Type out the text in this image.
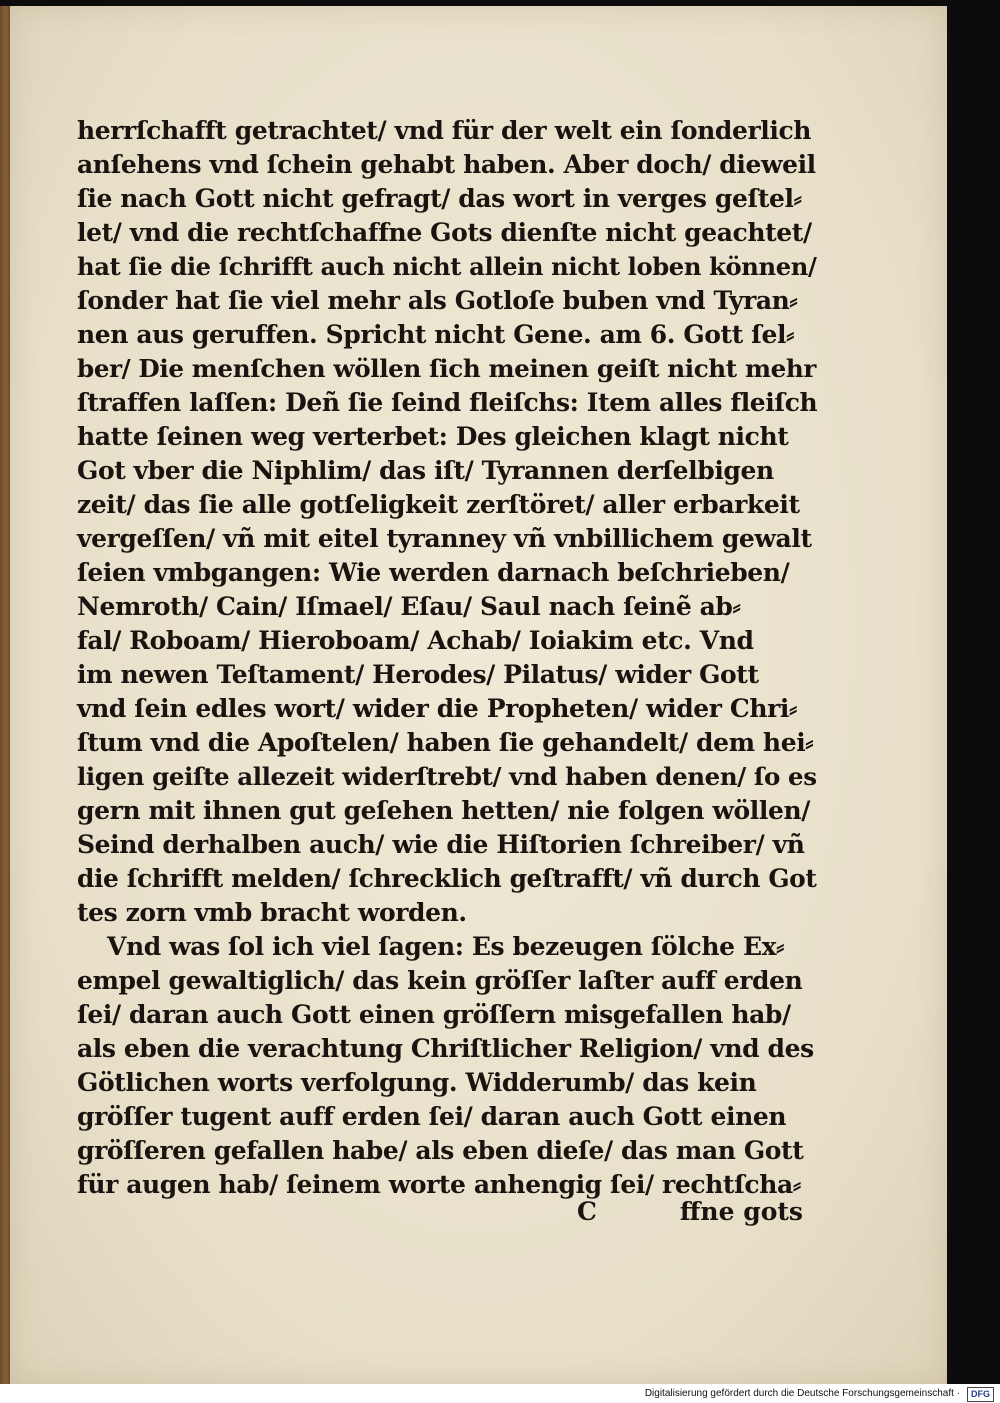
herrſchafft getrachtet/ vnd für der welt ein ſonderlich
anſehens vnd ſchein gehabt haben. Aber doch/ dieweil
ſie nach Gott nicht gefragt/ das wort in verges geſtel⸗
let/ vnd die rechtſchaffne Gots dienſte nicht geachtet/
hat ſie die ſchrifft auch nicht allein nicht loben können/
ſonder hat ſie viel mehr als Gotloſe buben vnd Tyran⸗
nen aus geruffen. Spricht nicht Gene. am 6. Gott ſel⸗
ber/ Die menſchen wöllen ſich meinen geiſt nicht mehr
ſtraffen laſſen: Deñ ſie ſeind fleiſchs: Item alles fleiſch
hatte ſeinen weg verterbet: Des gleichen klagt nicht
Got vber die Niphlim/ das iſt/ Tyrannen derſelbigen
zeit/ das ſie alle gotſeligkeit zerſtöret/ aller erbarkeit
vergeſſen/ vñ mit eitel tyranney vñ vnbillichem gewalt
ſeien vmbgangen: Wie werden darnach beſchrieben/
Nemroth/ Cain/ Iſmael/ Eſau/ Saul nach ſeinẽ ab⸗
fal/ Roboam/ Hieroboam/ Achab/ Ioiakim etc. Vnd
im newen Teſtament/ Herodes/ Pilatus/ wider Gott
vnd ſein edles wort/ wider die Propheten/ wider Chri⸗
ſtum vnd die Apoſtelen/ haben ſie gehandelt/ dem hei⸗
ligen geiſte allezeit widerſtrebt/ vnd haben denen/ ſo es
gern mit ihnen gut geſehen hetten/ nie folgen wöllen/
Seind derhalben auch/ wie die Hiſtorien ſchreiber/ vñ
die ſchrifft melden/ ſchrecklich geſtrafft/ vñ durch Got
tes zorn vmb bracht worden.
Vnd was ſol ich viel ſagen: Es bezeugen ſölche Ex⸗
empel gewaltiglich/ das kein gröſſer laſter auff erden
ſei/ daran auch Gott einen gröſſern misgefallen hab/
als eben die verachtung Chriſtlicher Religion/ vnd des
Götlichen worts verfolgung. Widderumb/ das kein
gröſſer tugent auff erden ſei/ daran auch Gott einen
gröſſeren gefallen habe/ als eben dieſe/ das man Gott
für augen hab/ ſeinem worte anhengig ſei/ rechtſcha⸗
C	ffne gots
Digitalisierung gefördert durch die Deutsche Forschungsgemeinschaft ·	DFG
